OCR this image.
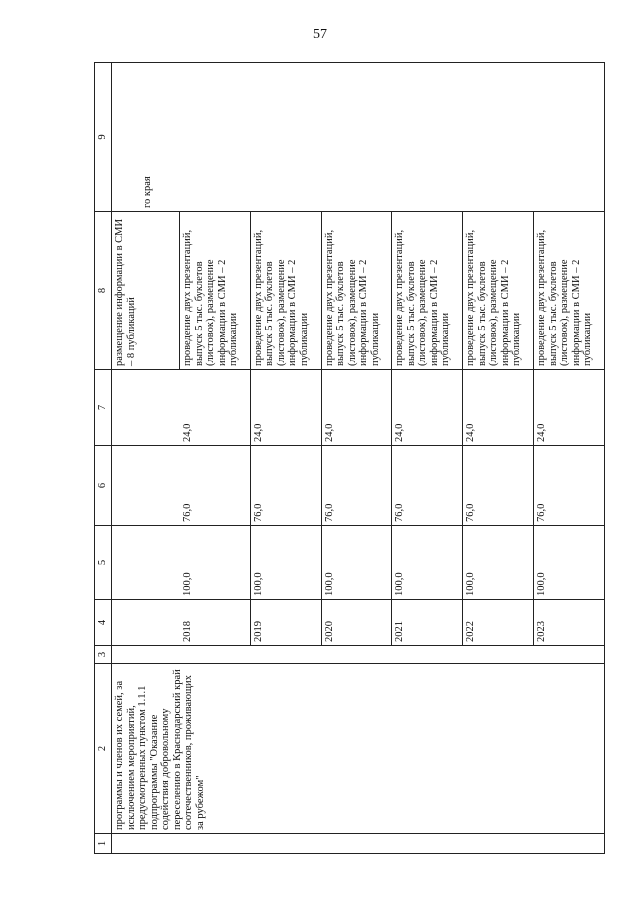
57
1	2	3	4	5	6	7	8	9
	программы и членов их семей, за исключением мероприятий, предусмотренных пунктом 1.1.1 подпрограммы "Оказание содействия добровольному переселению в Краснодарский край соотечественников, проживающих за рубежом"						размещение информации в СМИ – 8 публикаций	го края

			2018	100,0	76,0	24,0	проведение двух презентаций, выпуск 5 тыс. буклетов (листовок), размещение информации в СМИ – 2 публикации	
			2019	100,0	76,0	24,0	проведение двух презентаций, выпуск 5 тыс. буклетов (листовок), размещение информации в СМИ – 2 публикации	
			2020	100,0	76,0	24,0	проведение двух презентаций, выпуск 5 тыс. буклетов (листовок), размещение информации в СМИ – 2 публикации	
			2021	100,0	76,0	24,0	проведение двух презентаций, выпуск 5 тыс. буклетов (листовок), размещение информации в СМИ – 2 публикации	
			2022	100,0	76,0	24,0	проведение двух презентаций, выпуск 5 тыс. буклетов (листовок), размещение информации в СМИ – 2 публикации	
			2023	100,0	76,0	24,0	проведение двух презентаций, выпуск 5 тыс. буклетов (листовок), размещение информации в СМИ – 2 публикации	
